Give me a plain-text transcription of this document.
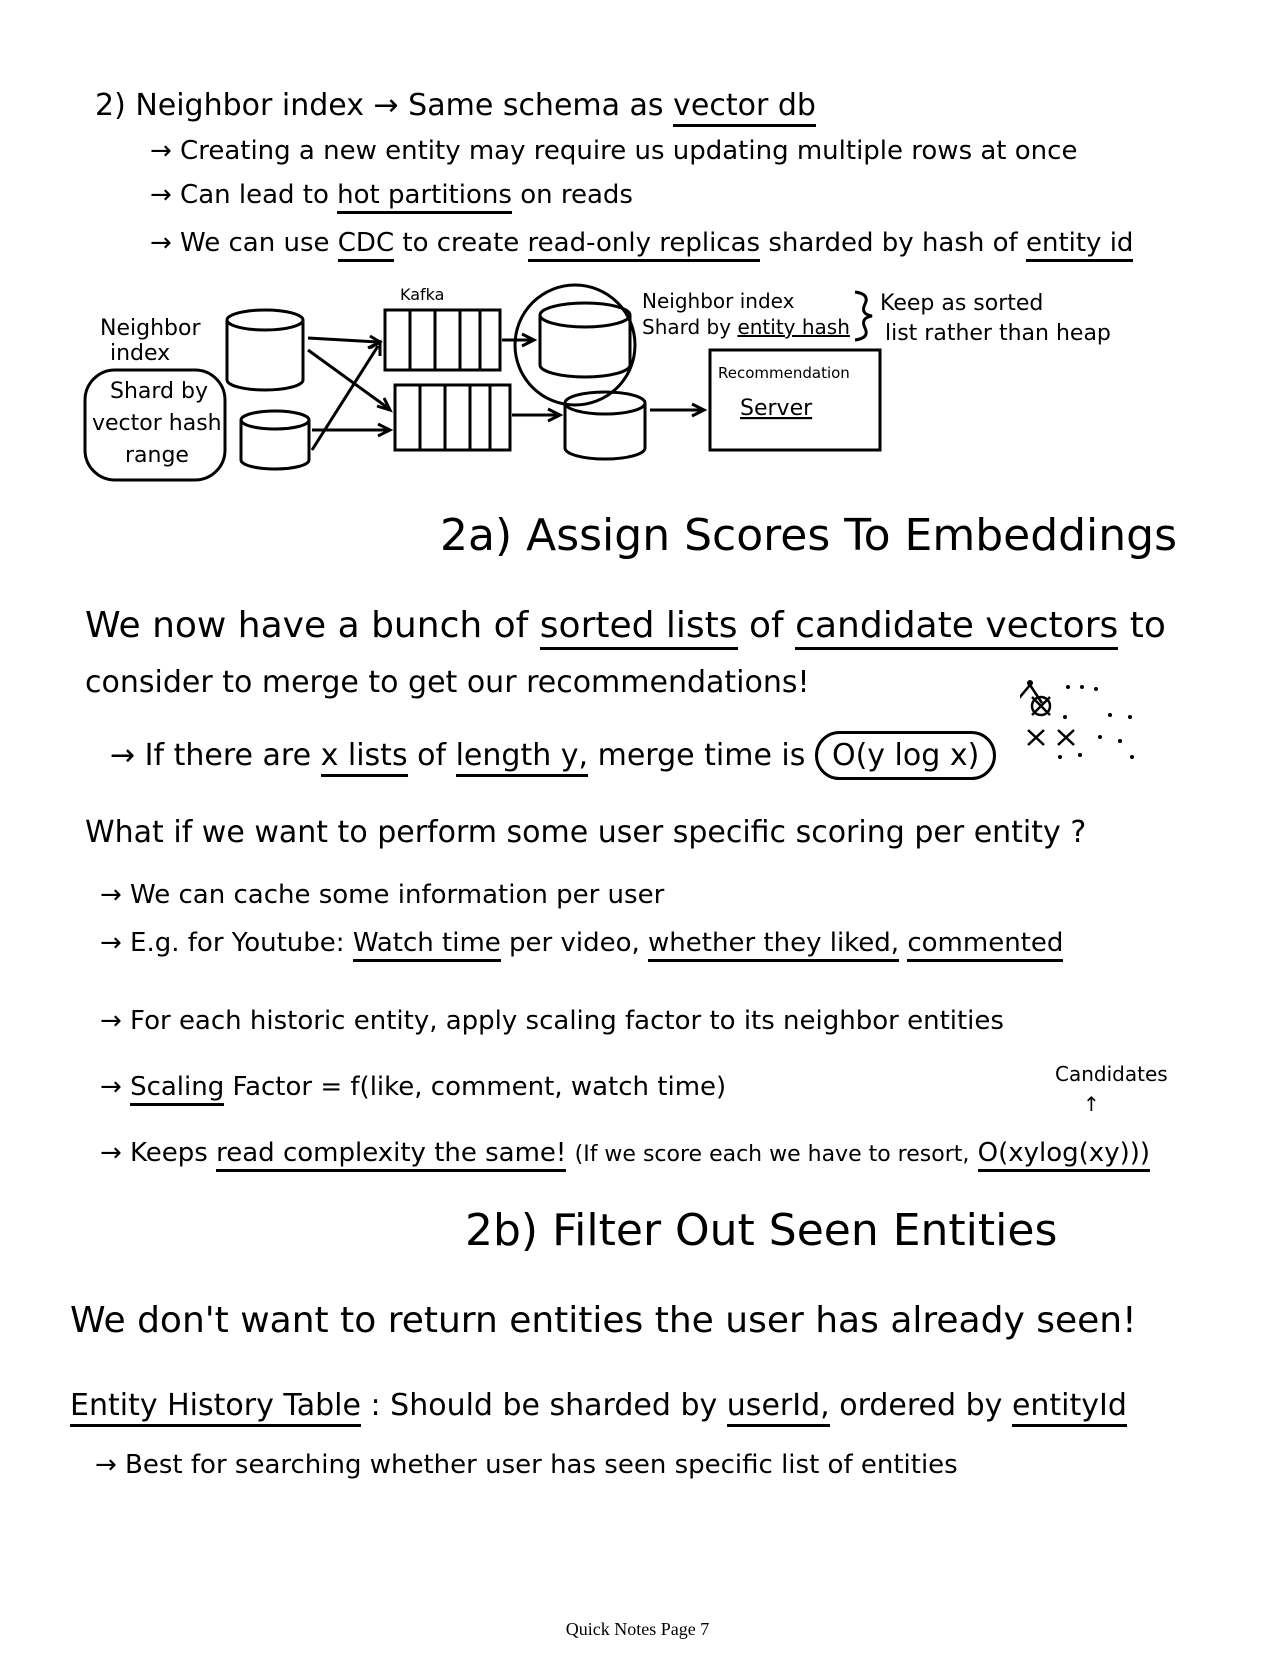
2) Neighbor index → Same schema as vector db
→ Creating a new entity may require us updating multiple rows at once
→ Can lead to hot partitions on reads
→ We can use CDC to create read-only replicas sharded by hash of entity id
Neighbor
index
Shard by
vector hash
range
Kafka	Neighbor index
Shard by entity hash
Keep as sorted
list rather than heap
Recommendation
Server
2a) Assign Scores To Embeddings
We now have a bunch of sorted lists of candidate vectors to
consider to merge to get our recommendations!
→ If there are x lists of length y, merge time is O(y log x)
What if we want to perform some user specific scoring per entity ?
→ We can cache some information per user
→ E.g. for Youtube: Watch time per video, whether they liked, commented
→ For each historic entity, apply scaling factor to its neighbor entities
Candidates
↑
→ Scaling Factor = f(like, comment, watch time)
→ Keeps read complexity the same! (If we score each we have to resort, O(xylog(xy)))
2b) Filter Out Seen Entities
We don't want to return entities the user has already seen!
Entity History Table : Should be sharded by userId, ordered by entityId
→ Best for searching whether user has seen specific list of entities
Quick Notes Page 7
